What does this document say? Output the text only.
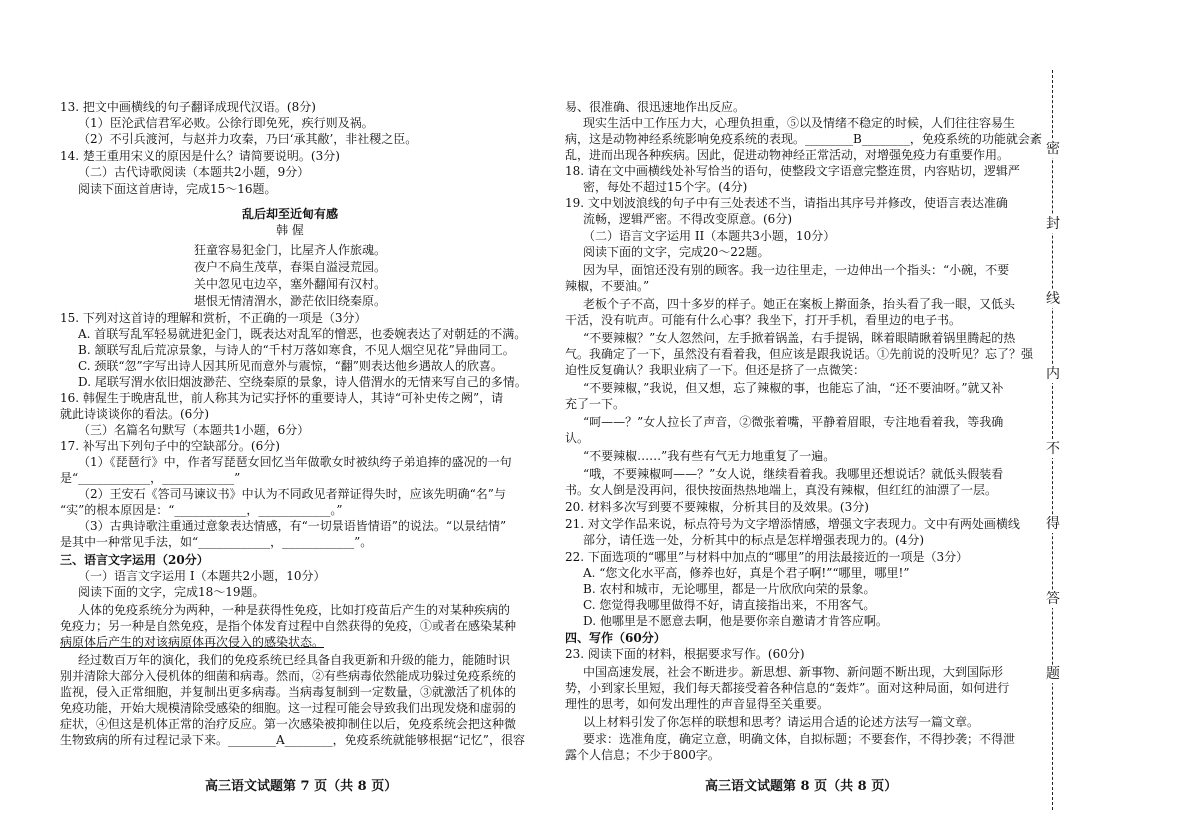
13. 把文中画横线的句子翻译成现代汉语。(8分)
（1）臣沦武信君军必败。公徐行即免死，疾行则及祸。
（2）不引兵渡河，与赵并力攻秦，乃曰‘承其敝’，非社稷之臣。
14. 楚王重用宋义的原因是什么？请简要说明。(3分)
（二）古代诗歌阅读（本题共2小题，9分）
阅读下面这首唐诗，完成15～16题。
乱后却至近甸有感
韩 偓
狂童容易犯金门，比屋齐人作旅魂。
夜户不扃生茂草，春渠自溢浸荒园。
关中忽见屯边卒，塞外翻闻有汉村。
堪恨无情清渭水，渺茫依旧绕秦原。
15. 下列对这首诗的理解和赏析，不正确的一项是（3分）
A. 首联写乱军轻易就进犯金门，既表达对乱军的憎恶，也委婉表达了对朝廷的不满。
B. 颔联写乱后荒凉景象，与诗人的“千村万落如寒食，不见人烟空见花”异曲同工。
C. 颈联“忽”字写出诗人因其所见而意外与震惊，“翻”则表达他乡遇故人的欣喜。
D. 尾联写渭水依旧烟波渺茫、空绕秦原的景象，诗人借渭水的无情来写自己的多情。
16. 韩偓生于晚唐乱世，前人称其为记实抒怀的重要诗人，其诗“可补史传之阙”，请
就此诗谈谈你的看法。(6分)
（三）名篇名句默写（本题共1小题，6分）
17. 补写出下列句子中的空缺部分。(6分)
（1）《琵琶行》中，作者写琵琶女回忆当年做歌女时被纨绔子弟追捧的盛况的一句
是“____________，____________”
（2）王安石《答司马谏议书》中认为不同政见者辩证得失时，应该先明确“名”与
“实”的根本原因是：“____________，____________。”
（3）古典诗歌注重通过意象表达情感，有“一切景语皆情语”的说法。“以景结情”
是其中一种常见手法，如“____________，____________”。
三、语言文字运用（20分）
（一）语言文字运用 I（本题共2小题，10分）
阅读下面的文字，完成18～19题。
人体的免疫系统分为两种，一种是获得性免疫，比如打疫苗后产生的对某种疾病的
免疫力；另一种是自然免疫，是指个体发育过程中自然获得的免疫，①或者在感染某种
病原体后产生的对该病原体再次侵入的感染状态。
经过数百万年的演化，我们的免疫系统已经具备自我更新和升级的能力，能随时识
别并清除大部分入侵机体的细菌和病毒。然而，②有些病毒依然能成功躲过免疫系统的
监视，侵入正常细胞，并复制出更多病毒。当病毒复制到一定数量，③就激活了机体的
免疫功能，开始大规模清除受感染的细胞。这一过程可能会导致我们出现发烧和虚弱的
症状，④但这是机体正常的治疗反应。第一次感染被抑制住以后，免疫系统会把这种微
生物致病的所有过程记录下来。________A________，免疫系统就能够根据“记忆”，很容
高三语文试题第 7 页（共 8 页）
易、很准确、很迅速地作出反应。
现实生活中工作压力大，心理负担重，⑤以及情绪不稳定的时候，人们往往容易生
病，这是动物神经系统影响免疫系统的表现。________B________，免疫系统的功能就会紊
乱，进而出现各种疾病。因此，促进动物神经正常活动，对增强免疫力有重要作用。
18. 请在文中画横线处补写恰当的语句，使整段文字语意完整连贯，内容贴切，逻辑严
密，每处不超过15个字。(4分)
19. 文中划波浪线的句子中有三处表述不当，请指出其序号并修改，使语言表达准确
流畅，逻辑严密。不得改变原意。(6分)
（二）语言文字运用 II（本题共3小题，10分）
阅读下面的文字，完成20～22题。
因为早，面馆还没有别的顾客。我一边往里走，一边伸出一个指头：“小碗，不要
辣椒，不要油。”
老板个子不高，四十多岁的样子。她正在案板上擀面条，抬头看了我一眼，又低头
干活，没有吭声。可能有什么心事？我坐下，打开手机，看里边的电子书。
“不要辣椒？”女人忽然问，左手掀着锅盖，右手提锅，眯着眼睛瞅着锅里腾起的热
气。我确定了一下，虽然没有看着我，但应该是跟我说话。①先前说的没听见？忘了？强
迫性反复确认？我职业病了一下。但还是挤了一点微笑：
“不要辣椒，”我说，但又想，忘了辣椒的事，也能忘了油，“还不要油呀。”就又补
充了一下。
“呵——？”女人拉长了声音，②微张着嘴，平静着眉眼，专注地看着我，等我确
认。
“不要辣椒……”我有些有气无力地重复了一遍。
“哦，不要辣椒呵——？”女人说，继续看着我。我哪里还想说话？就低头假装看
书。女人倒是没再问，很快按面热热地端上，真没有辣椒，但红红的油漂了一层。
20. 材料多次写到要不要辣椒，分析其目的及效果。(3分)
21. 对文学作品来说，标点符号为文字增添情感，增强文字表现力。文中有两处画横线
部分，请任选一处，分析其中的标点是怎样增强表现力的。(4分)
22. 下面选项的“哪里”与材料中加点的“哪里”的用法最接近的一项是（3分）
A. “您文化水平高，修养也好，真是个君子啊!”“哪里，哪里!”
B. 农村和城市，无论哪里，都是一片欣欣向荣的景象。
C. 您觉得我哪里做得不好，请直接指出来，不用客气。
D. 他哪里是不愿意去啊，他是要你亲自邀请才肯答应啊。
四、写作（60分）
23. 阅读下面的材料，根据要求写作。(60分)
中国高速发展，社会不断进步。新思想、新事物、新问题不断出现，大到国际形
势，小到家长里短，我们每天都接受着各种信息的“轰炸”。面对这种局面，如何进行
理性的思考，如何发出理性的声音显得至关重要。
以上材料引发了你怎样的联想和思考？请运用合适的论述方法写一篇文章。
要求：选准角度，确定立意，明确文体，自拟标题；不要套作，不得抄袭；不得泄
露个人信息；不少于800字。
高三语文试题第 8 页（共 8 页）
密
封
线
内
不
得
答
题
